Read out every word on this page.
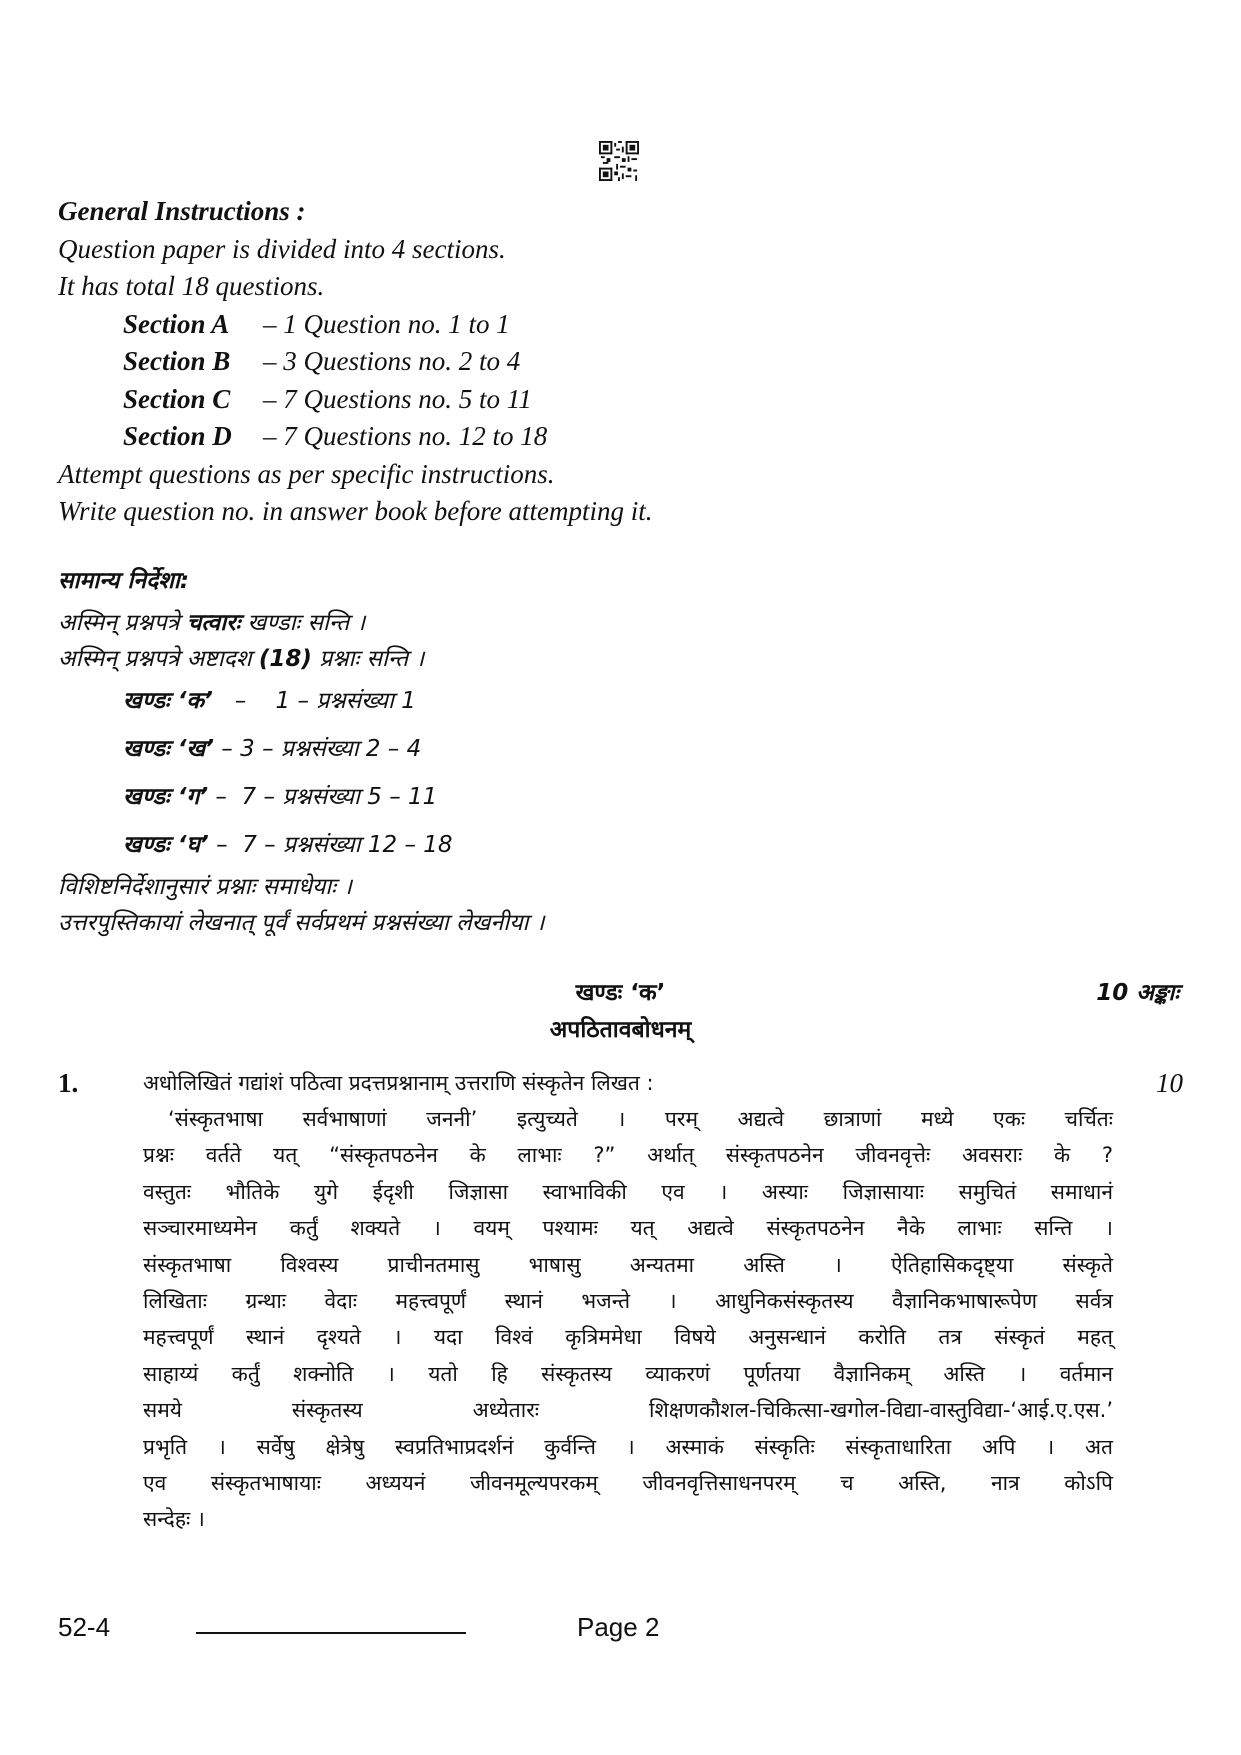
General Instructions :
Question paper is divided into 4 sections.
It has total 18 questions.
Section A – 1 Question no. 1 to 1
Section B – 3 Questions no. 2 to 4
Section C – 7 Questions no. 5 to 11
Section D – 7 Questions no. 12 to 18
Attempt questions as per specific instructions.
Write question no. in answer book before attempting it.
सामान्य निर्देशा:
अस्मिन् प्रश्नपत्रे चत्वारः खण्डाः सन्ति ।
अस्मिन् प्रश्नपत्रे अष्टादश (18) प्रश्नाः सन्ति ।
खण्डः ‘क’   –    1 – प्रश्नसंख्या 1
खण्डः ‘ख’ – 3 – प्रश्नसंख्या 2 – 4
खण्डः ‘ग’ –  7 – प्रश्नसंख्या 5 – 11
खण्डः ‘घ’ –  7 – प्रश्नसंख्या 12 – 18
विशिष्टनिर्देशानुसारं प्रश्नाः समाधेयाः ।
उत्तरपुस्तिकायां लेखनात् पूर्वं सर्वप्रथमं प्रश्नसंख्या लेखनीया ।
खण्डः ‘क’
अपठितावबोधनम्
10 अङ्काः
1.	अधोलिखितं गद्यांशं पठित्वा प्रदत्तप्रश्नानाम् उत्तराणि संस्कृतेन लिखत :	10
‘संस्कृतभाषा सर्वभाषाणां जननी’ इत्युच्यते । परम् अद्यत्वे छात्राणां मध्ये एकः चर्चितः
प्रश्नः वर्तते यत् “संस्कृतपठनेन के लाभाः ?” अर्थात् संस्कृतपठनेन जीवनवृत्तेः अवसराः के ?
वस्तुतः भौतिके युगे ईदृशी जिज्ञासा स्वाभाविकी एव । अस्याः जिज्ञासायाः समुचितं समाधानं
सञ्चारमाध्यमेन कर्तुं शक्यते । वयम् पश्यामः यत् अद्यत्वे संस्कृतपठनेन नैके लाभाः सन्ति ।
संस्कृतभाषा विश्वस्य प्राचीनतमासु भाषासु अन्यतमा अस्ति । ऐतिहासिकदृष्ट्या संस्कृते
लिखिताः ग्रन्थाः वेदाः महत्त्वपूर्णं स्थानं भजन्ते । आधुनिकसंस्कृतस्य वैज्ञानिकभाषारूपेण सर्वत्र
महत्त्वपूर्णं स्थानं दृश्यते । यदा विश्वं कृत्रिममेधा विषये अनुसन्धानं करोति तत्र संस्कृतं महत्
साहाय्यं कर्तुं शक्नोति । यतो हि संस्कृतस्य व्याकरणं पूर्णतया वैज्ञानिकम् अस्ति । वर्तमान
समये संस्कृतस्य अध्येतारः शिक्षणकौशल-चिकित्सा-खगोल-विद्या-वास्तुविद्या-‘आई.ए.एस.’
प्रभृति । सर्वेषु क्षेत्रेषु स्वप्रतिभाप्रदर्शनं कुर्वन्ति । अस्माकं संस्कृतिः संस्कृताधारिता अपि । अत
एव संस्कृतभाषायाः अध्ययनं जीवनमूल्यपरकम् जीवनवृत्तिसाधनपरम् च अस्ति, नात्र कोऽपि
सन्देहः ।
52-4	Page 2
